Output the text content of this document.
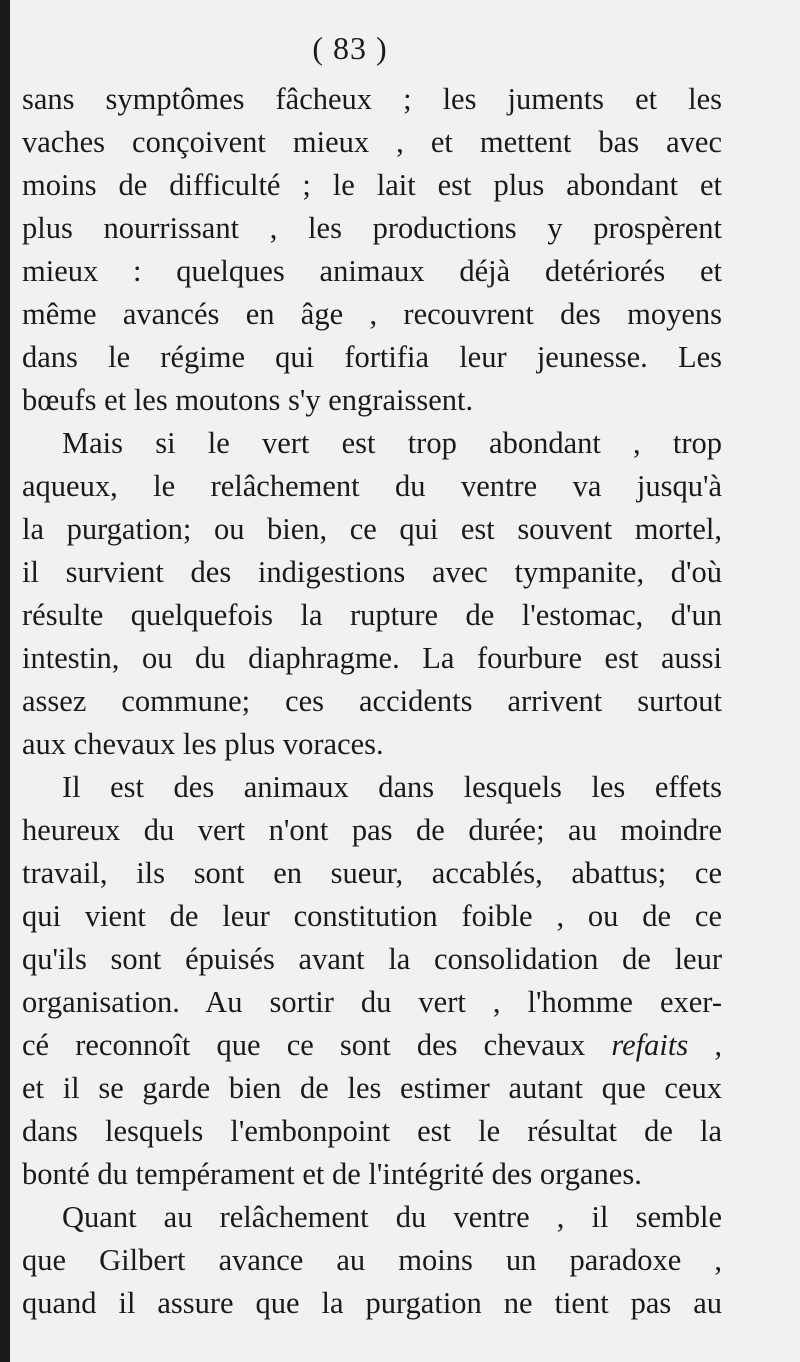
( 83 )
sans symptômes fâcheux ; les juments et les
vaches conçoivent mieux , et mettent bas avec
moins de difficulté ; le lait est plus abondant et
plus nourrissant , les productions y prospèrent
mieux : quelques animaux déjà detériorés et
même avancés en âge , recouvrent des moyens
dans le régime qui fortifia leur jeunesse. Les
bœufs et les moutons s'y engraissent.
Mais si le vert est trop abondant , trop
aqueux, le relâchement du ventre va jusqu'à
la purgation; ou bien, ce qui est souvent mortel,
il survient des indigestions avec tympanite, d'où
résulte quelquefois la rupture de l'estomac, d'un
intestin, ou du diaphragme. La fourbure est aussi
assez commune; ces accidents arrivent surtout
aux chevaux les plus voraces.
Il est des animaux dans lesquels les effets
heureux du vert n'ont pas de durée; au moindre
travail, ils sont en sueur, accablés, abattus; ce
qui vient de leur constitution foible , ou de ce
qu'ils sont épuisés avant la consolidation de leur
organisation. Au sortir du vert , l'homme exer-
cé reconnoît que ce sont des chevaux refaits ,
et il se garde bien de les estimer autant que ceux
dans lesquels l'embonpoint est le résultat de la
bonté du tempérament et de l'intégrité des organes.
Quant au relâchement du ventre , il semble
que Gilbert avance au moins un paradoxe ,
quand il assure que la purgation ne tient pas au
